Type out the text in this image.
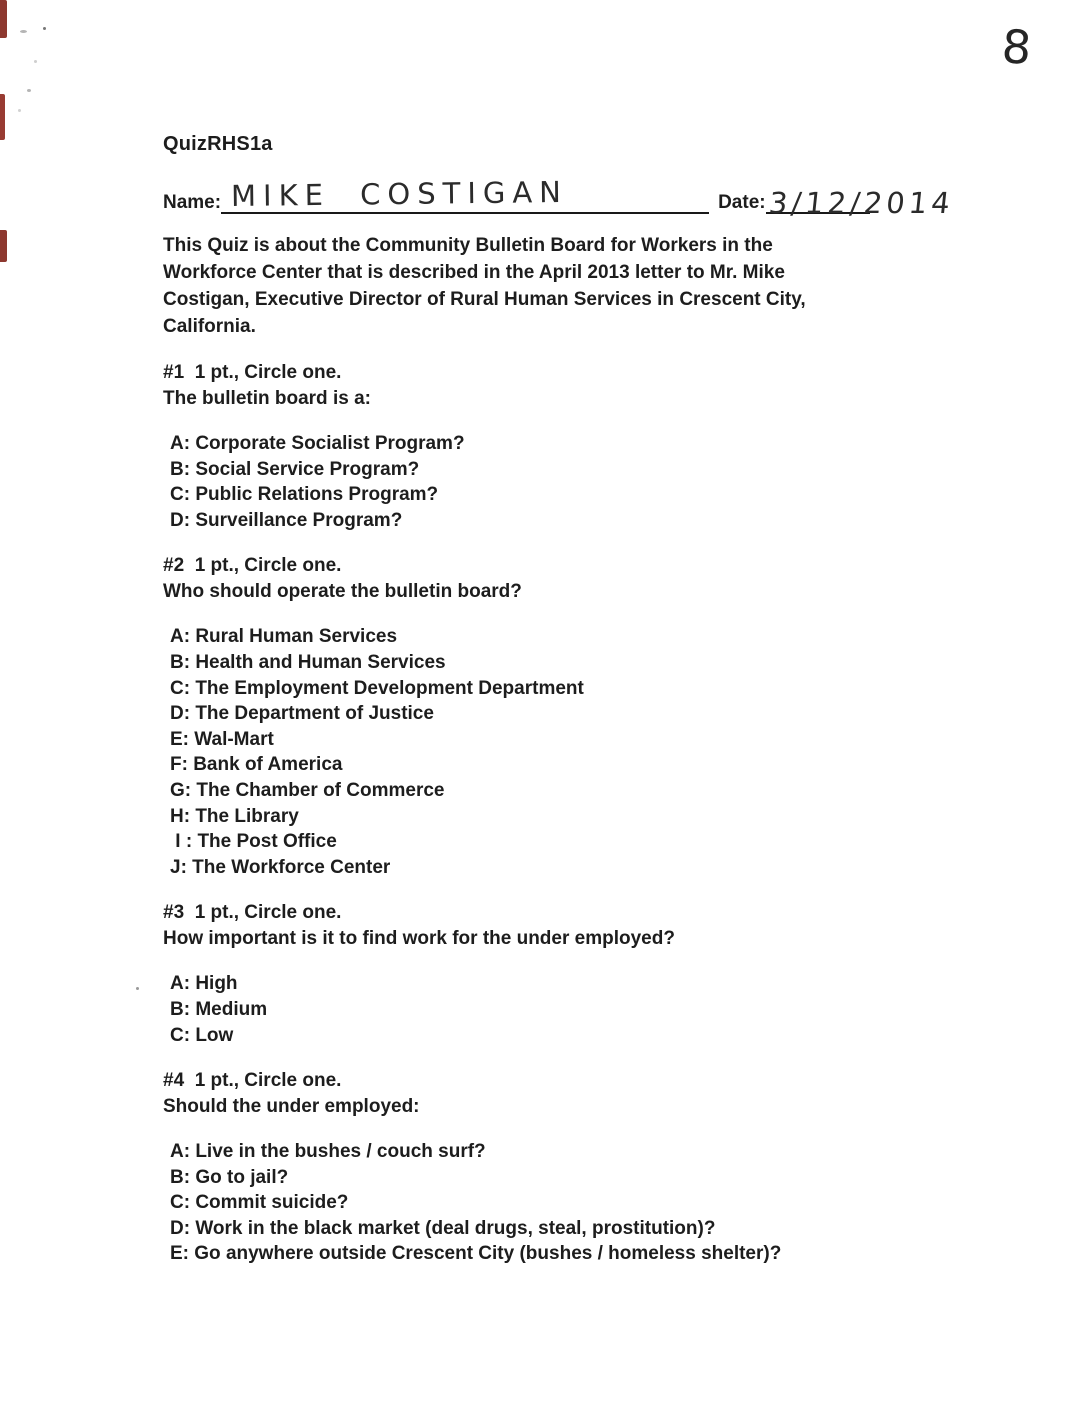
8
QuizRHS1a
Name: MIKE COSTIGAN	Date: 3/12/2014
This Quiz is about the Community Bulletin Board for Workers in the
Workforce Center that is described in the April 2013 letter to Mr. Mike
Costigan, Executive Director of Rural Human Services in Crescent City,
California.
#1  1 pt., Circle one.
The bulletin board is a:
A: Corporate Socialist Program?
B: Social Service Program?
C: Public Relations Program?
D: Surveillance Program?
#2  1 pt., Circle one.
Who should operate the bulletin board?
A: Rural Human Services
B: Health and Human Services
C: The Employment Development Department
D: The Department of Justice
E: Wal-Mart
F: Bank of America
G: The Chamber of Commerce
H: The Library
I : The Post Office
J: The Workforce Center
#3  1 pt., Circle one.
How important is it to find work for the under employed?
A: High
B: Medium
C: Low
#4  1 pt., Circle one.
Should the under employed:
A: Live in the bushes / couch surf?
B: Go to jail?
C: Commit suicide?
D: Work in the black market (deal drugs, steal, prostitution)?
E: Go anywhere outside Crescent City (bushes / homeless shelter)?
